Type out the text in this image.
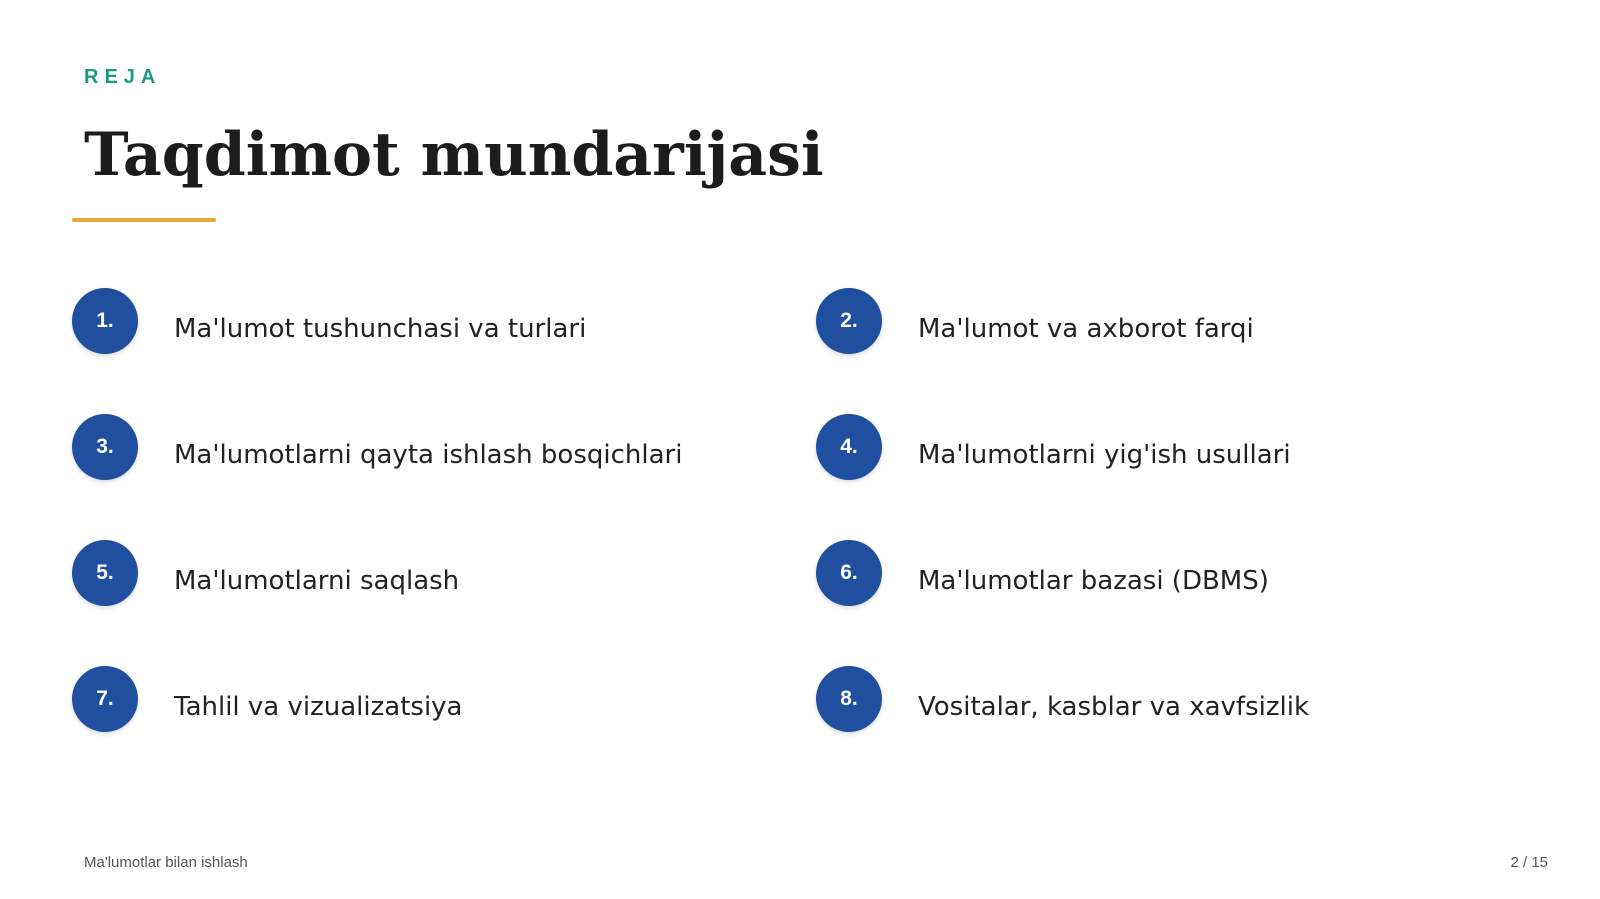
REJA
Taqdimot mundarijasi
1.	Ma'lumot tushunchasi va turlari	2.	Ma'lumot va axborot farqi
3.	Ma'lumotlarni qayta ishlash bosqichlari	4.	Ma'lumotlarni yig'ish usullari
5.	Ma'lumotlarni saqlash	6.	Ma'lumotlar bazasi (DBMS)
7.	Tahlil va vizualizatsiya	8.	Vositalar, kasblar va xavfsizlik
Ma'lumotlar bilan ishlash	2 / 15
